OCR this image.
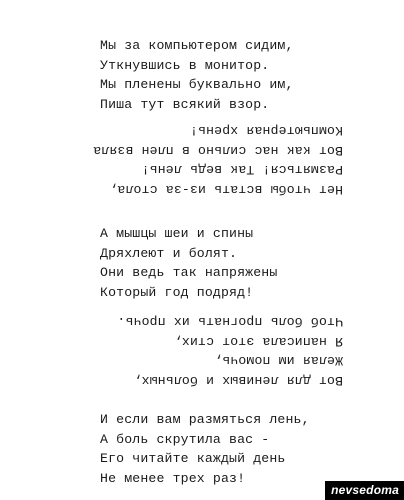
Мы за компьютером сидим,
Уткнувшись в монитор.
Мы пленены буквально им,
Пиша тут всякий взор.
Нет чтобы встать из-за стола,
Размяться! Так ведь лень!
Вот как нас сильно в плен взяла
Компьютерная хрень!
А мышцы шеи и спины
Дряхлеют и болят.
Они ведь так напряжены
Который год подряд!
Вот для ленивых и больных,
Желая им помочь,
Я написала этот стих,
Чтоб боль прогнать их прочь.
И если вам размяться лень,
А боль скрутила вас -
Его читайте каждый день
Не менее трех раз!
nevsedoma
